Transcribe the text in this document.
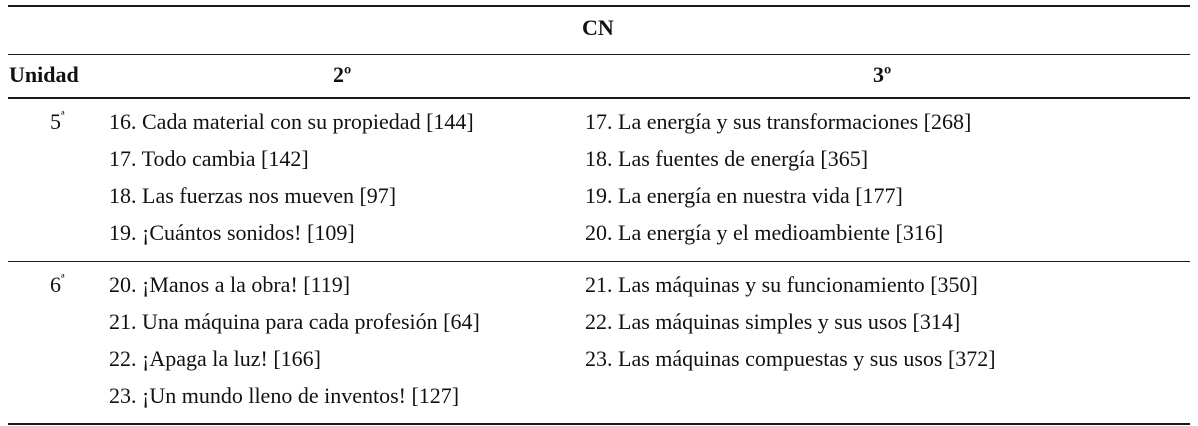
CN
Unidad	2º	3º
$5^ª$ 16. Cada material con su propiedad [144]
17. Todo cambia [142]
18. Las fuerzas nos mueven [97]
19. ¡Cuántos sonidos! [109]
17. La energía y sus transformaciones [268]
18. Las fuentes de energía [365]
19. La energía en nuestra vida [177]
20. La energía y el medioambiente [316]
$6^ª$ 20. ¡Manos a la obra! [119]
21. Una máquina para cada profesión [64]
22. ¡Apaga la luz! [166]
23. ¡Un mundo lleno de inventos! [127]
21. Las máquinas y su funcionamiento [350]
22. Las máquinas simples y sus usos [314]
23. Las máquinas compuestas y sus usos [372]
